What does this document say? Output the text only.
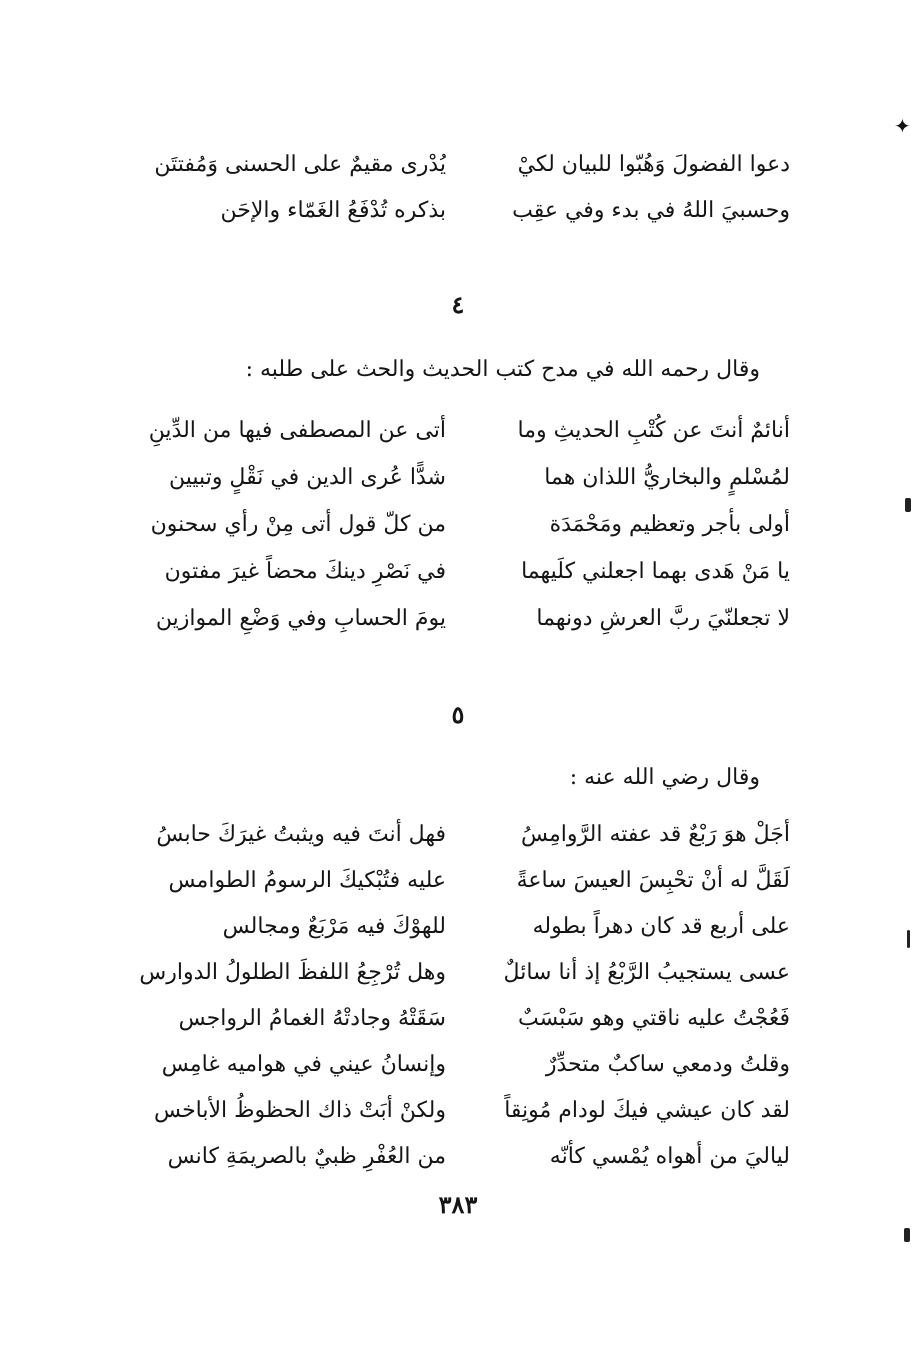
✦
دعوا الفضولَ وَهُبّوا للبيان لكيْ
يُدْرى مقيمٌ على الحسنى وَمُفتتَن
وحسبيَ اللهُ في بدء وفي عقِب
بذكره تُدْفَعُ الغَمّاء والإحَن
٤
وقال رحمه الله في مدح كتب الحديث والحث على طلبه :
أنائمٌ أنتَ عن كُتْبِ الحديثِ وما
أتى عن المصطفى فيها من الدِّينِ
لمُسْلمٍ والبخاريُّ اللذان هما
شدًّا عُرى الدين في نَقْلٍ وتبيين
أولى بأجر وتعظيم ومَحْمَدَة
من كلّ قول أتى مِنْ رأي سحنون
يا مَنْ هَدى بهما اجعلني كلَيهما
في نَصْرِ دينكَ محضاً غيرَ مفتون
لا تجعلنّيَ ربَّ العرشِ دونهما
يومَ الحسابِ وفي وَضْعِ الموازين
٥
وقال رضي الله عنه :
أجَلْ هوَ رَبْعٌ قد عفته الرَّوامِسُ
فهل أنتَ فيه ويثبتُ غيرَكَ حابسُ
لَقَلَّ له أنْ تحْبِسَ العيسَ ساعةً
عليه فتُبْكيكَ الرسومُ الطوامس
على أربع قد كان دهراً بطوله
للهوْكَ فيه مَرْبَعٌ ومجالس
عسى يستجيبُ الرَّبْعُ إذ أنا سائلٌ
وهل تُرْجِعُ اللفظَ الطلولُ الدوارس
فَعُجْتُ عليه ناقتي وهو سَبْسَبٌ
سَقَتْهُ وجادتْهُ الغمامُ الرواجس
وقلتُ ودمعي ساكبٌ متحدِّرٌ
وإنسانُ عيني في هواميه غامِس
لقد كان عيشي فيكَ لودام مُونِقاً
ولكنْ أبَتْ ذاك الحظوظُ الأباخس
لياليَ من أهواه يُمْسي كأنّه
من العُفْرِ ظبيٌ بالصريمَةِ كانس
٣٨٣
